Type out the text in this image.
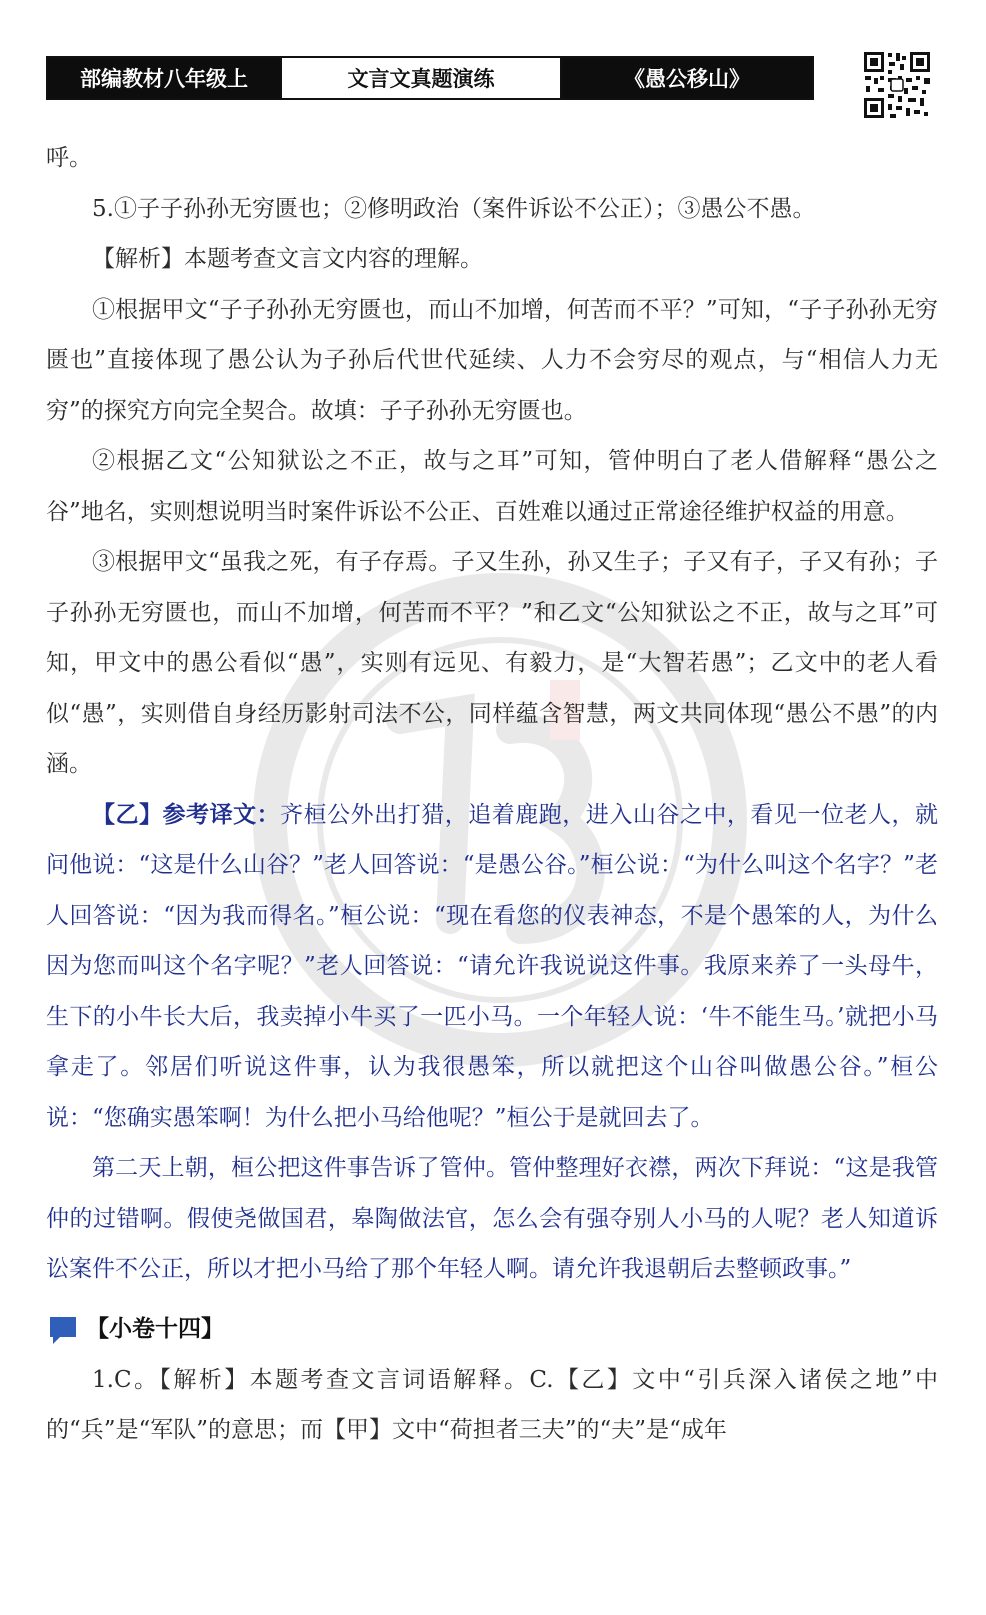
部编教材八年级上	文言文真题演练	《愚公移山》

呼。

5.①子子孙孙无穷匮也；②修明政治（案件诉讼不公正）；③愚公不愚。

【解析】本题考查文言文内容的理解。

①根据甲文“子子孙孙无穷匮也，而山不加增，何苦而不平？”可知，“子子孙孙无穷匮也”直接体现了愚公认为子孙后代世代延续、人力不会穷尽的观点，与“相信人力无穷”的探究方向完全契合。故填：子子孙孙无穷匮也。

②根据乙文“公知狱讼之不正，故与之耳”可知，管仲明白了老人借解释“愚公之谷”地名，实则想说明当时案件诉讼不公正、百姓难以通过正常途径维护权益的用意。

③根据甲文“虽我之死，有子存焉。子又生孙，孙又生子；子又有子，子又有孙；子子孙孙无穷匮也，而山不加增，何苦而不平？”和乙文“公知狱讼之不正，故与之耳”可知，甲文中的愚公看似“愚”，实则有远见、有毅力，是“大智若愚”；乙文中的老人看似“愚”，实则借自身经历影射司法不公，同样蕴含智慧，两文共同体现“愚公不愚”的内涵。

【乙】参考译文：齐桓公外出打猎，追着鹿跑，进入山谷之中，看见一位老人，就问他说：“这是什么山谷？”老人回答说：“是愚公谷。”桓公说：“为什么叫这个名字？”老人回答说：“因为我而得名。”桓公说：“现在看您的仪表神态，不是个愚笨的人，为什么因为您而叫这个名字呢？”老人回答说：“请允许我说说这件事。我原来养了一头母牛，生下的小牛长大后，我卖掉小牛买了一匹小马。一个年轻人说：‘牛不能生马。’就把小马拿走了。邻居们听说这件事，认为我很愚笨，所以就把这个山谷叫做愚公谷。”桓公说：“您确实愚笨啊！为什么把小马给他呢？”桓公于是就回去了。

第二天上朝，桓公把这件事告诉了管仲。管仲整理好衣襟，两次下拜说：“这是我管仲的过错啊。假使尧做国君，皋陶做法官，怎么会有强夺别人小马的人呢？老人知道诉讼案件不公正，所以才把小马给了那个年轻人啊。请允许我退朝后去整顿政事。”

【小卷十四】

1.C。【解析】本题考查文言词语解释。C.【乙】文中“引兵深入诸侯之地”中的“兵”是“军队”的意思；而【甲】文中“荷担者三夫”的“夫”是“成年
